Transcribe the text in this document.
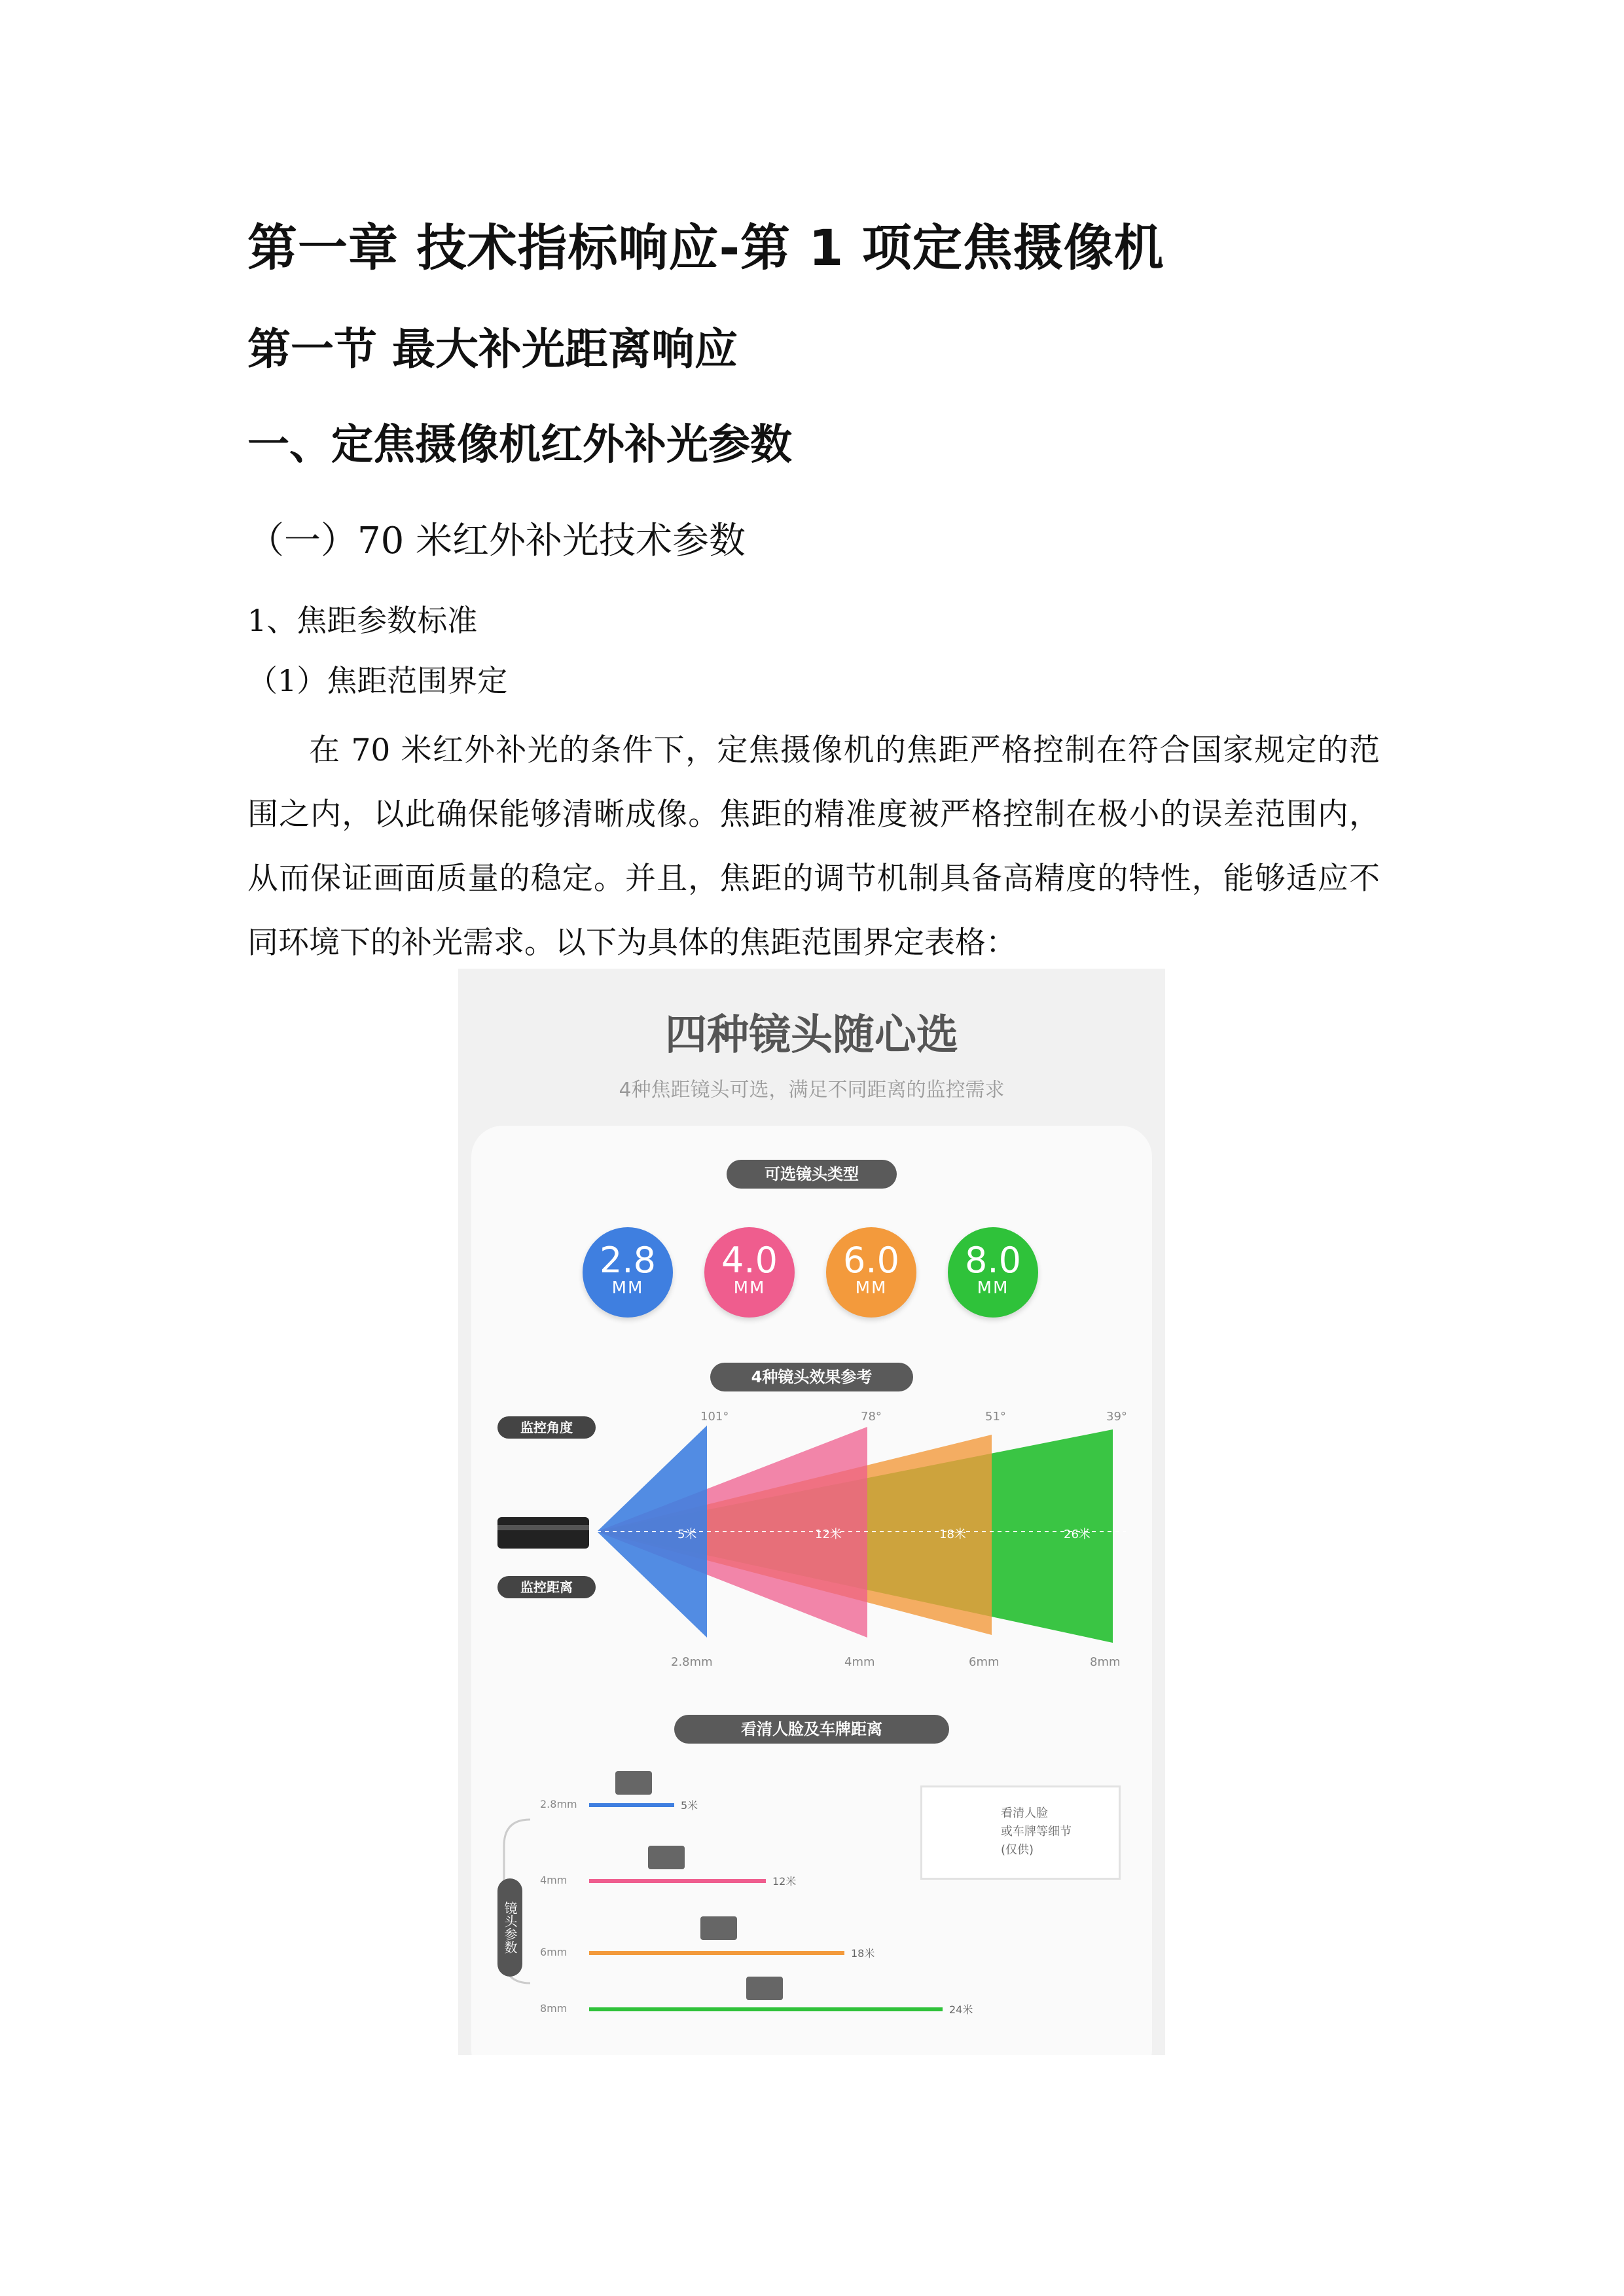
第一章 技术指标响应-第 1 项定焦摄像机
第一节 最大补光距离响应
一、定焦摄像机红外补光参数
（一）70 米红外补光技术参数
1、焦距参数标准
（1）焦距范围界定

在 70 米红外补光的条件下，定焦摄像机的焦距严格控制在符合国家规定的范围之内，以此确保能够清晰成像。焦距的精准度被严格控制在极小的误差范围内，从而保证画面质量的稳定。并且，焦距的调节机制具备高精度的特性，能够适应不同环境下的补光需求。以下为具体的焦距范围界定表格：

四种镜头随心选
4种焦距镜头可选，满足不同距离的监控需求
可选镜头类型
2.8
MM
4.0
MM
6.0
MM
8.0
MM
4种镜头效果参考
监控角度
监控距离
101°	78°	51°	39°
5米	12米	18米	26米
2.8mm	4mm	6mm	8mm
2.8mm	5米
4mm	12米
6mm	18米
8mm	24米
看清人脸及车牌距离
看清人脸
或车牌等细节
(仅供)
镜头参数
